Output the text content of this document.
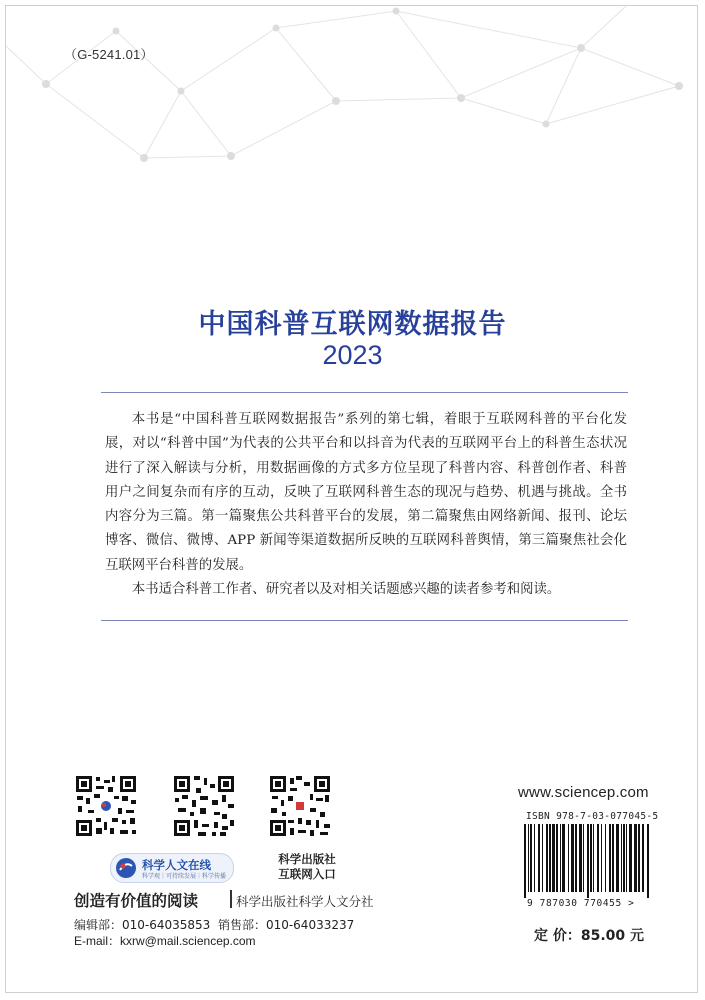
（G-5241.01）
中国科普互联网数据报告
2023

本书是“中国科普互联网数据报告”系列的第七辑，着眼于互联网科普的平台化发展，对以“科普中国”为代表的公共平台和以抖音为代表的互联网平台上的科普生态状况进行了深入解读与分析，用数据画像的方式多方位呈现了科普内容、科普创作者、科普用户之间复杂而有序的互动，反映了互联网科普生态的现况与趋势、机遇与挑战。全书内容分为三篇。第一篇聚焦公共科普平台的发展，第二篇聚焦由网络新闻、报刊、论坛博客、微信、微博、APP 新闻等渠道数据所反映的互联网科普舆情，第三篇聚焦社会化互联网平台科普的发展。

本书适合科普工作者、研究者以及对相关话题感兴趣的读者参考和阅读。

科学人文在线
科学观｜可持续发展｜科学传播
科学出版社
互联网入口
创造有价值的阅读	科学出版社科学人文分社
编辑部：010-64035853  销售部：010-64033237
E-mail：kxrw@mail.sciencep.com
www.sciencep.com
ISBN 978-7-03-077045-5
9 787030 770455 >
定 价：85.00 元
